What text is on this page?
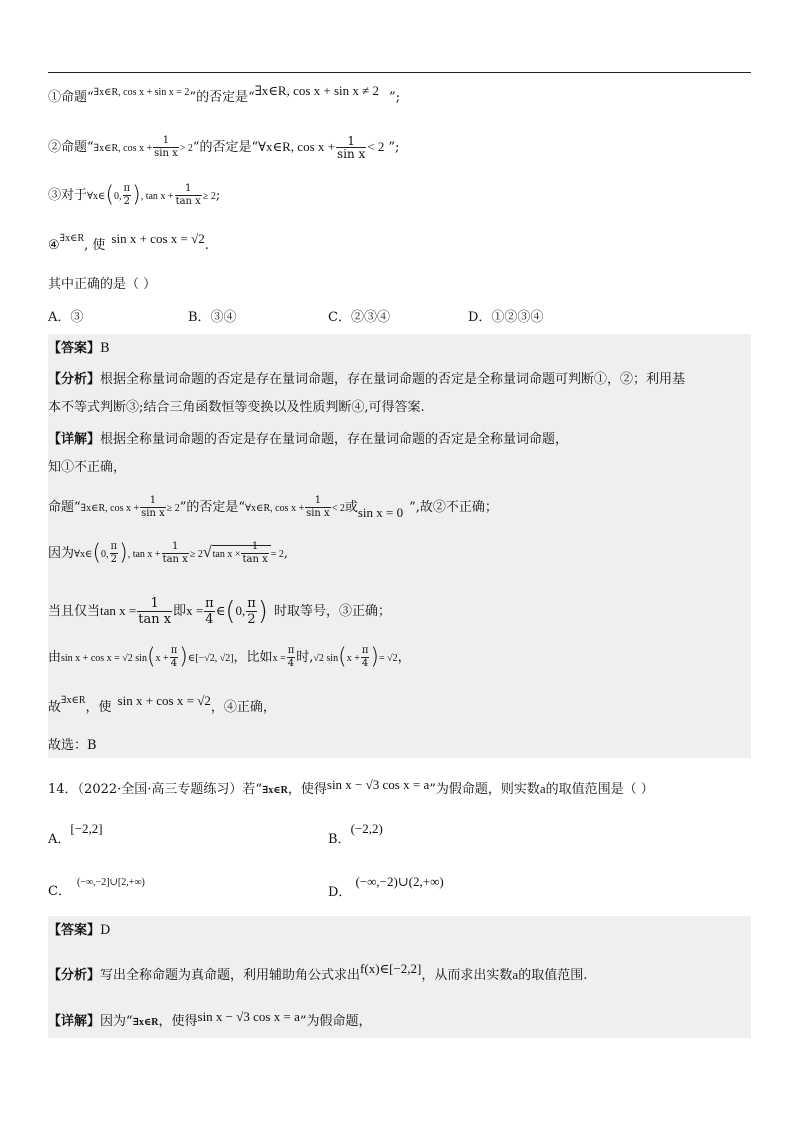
①命题“$^{\exists x\in R, cos x + sin x = 2}$”的否定是“∃x∈R, cos x + sin x ≠ 2 ”;
②命题“∃x∈R, $\cos x + \frac{1}{\text{sin x}} > 2$”的否定是“∀x∈R, $\cos x + \frac{1}{\text{sin x}} < 2$ ”;
③对于∀x∈(0, $\frac{\pi}{2}$ ), $\tan x + \frac{1}{\text{tan x}} \ge 2$;
④$^{\exists x\in R}$, 使 sin x + cos x = √2.
其中正确的是（ ）
A．③	B．③④	C．②③④	D．①②③④
【答案】B
【分析】根据全称量词命题的否定是存在量词命题，存在量词命题的否定是全称量词命题可判断①，②；利用基
本不等式判断③;结合三角函数恒等变换以及性质判断④,可得答案.
【详解】根据全称量词命题的否定是存在量词命题，存在量词命题的否定是全称量词命题，
知①不正确，
命题“∃x∈R, $\cos x + \frac{1}{\text{sin x}} \ge 2$”的否定是“∀x∈R, $\cos x + \frac{1}{\text{sin x}} < 2$或sin x = 0 ”,故②不正确；
因为∀x∈(0, $\frac{\pi}{2}$ ), $\tan x + \frac{1}{\text{tan x}} \ge 2√\tan$ $x \times \frac{1}{\text{tan x}} = 2$,
当且仅当$\tan x = \frac{1}{\text{tan x}}$ 即$x = \frac{\pi}{4}$ ∈(0, $\frac{\pi}{2}$ ) 时取等号，③正确；
由sin x + cos x = √2 $\sin(x + \frac{\pi}{4}$ )∈[−√2, √2]，比如$x = \frac{\pi}{4}$ 时,√2 $\sin(x + \frac{\pi}{4}$ )= √2，
故$^{\exists x\in R}$，使 sin x + cos x = √2，④正确，
故选：B
14．（2022·全国·高三专题练习）若“∃x∈R，使得sin x − √3 cos x = a”为假命题，则实数a的取值范围是（ ）
A．[−2,2]
B．(−2,2)
C．(−∞,−2]∪[2,+∞)
D．(−∞,−2)∪(2,+∞)
【答案】D
【分析】写出全称命题为真命题，利用辅助角公式求出f(x)∈[−2,2]，从而求出实数a的取值范围.
【详解】因为“∃x∈R，使得sin x − √3 cos x = a”为假命题，
